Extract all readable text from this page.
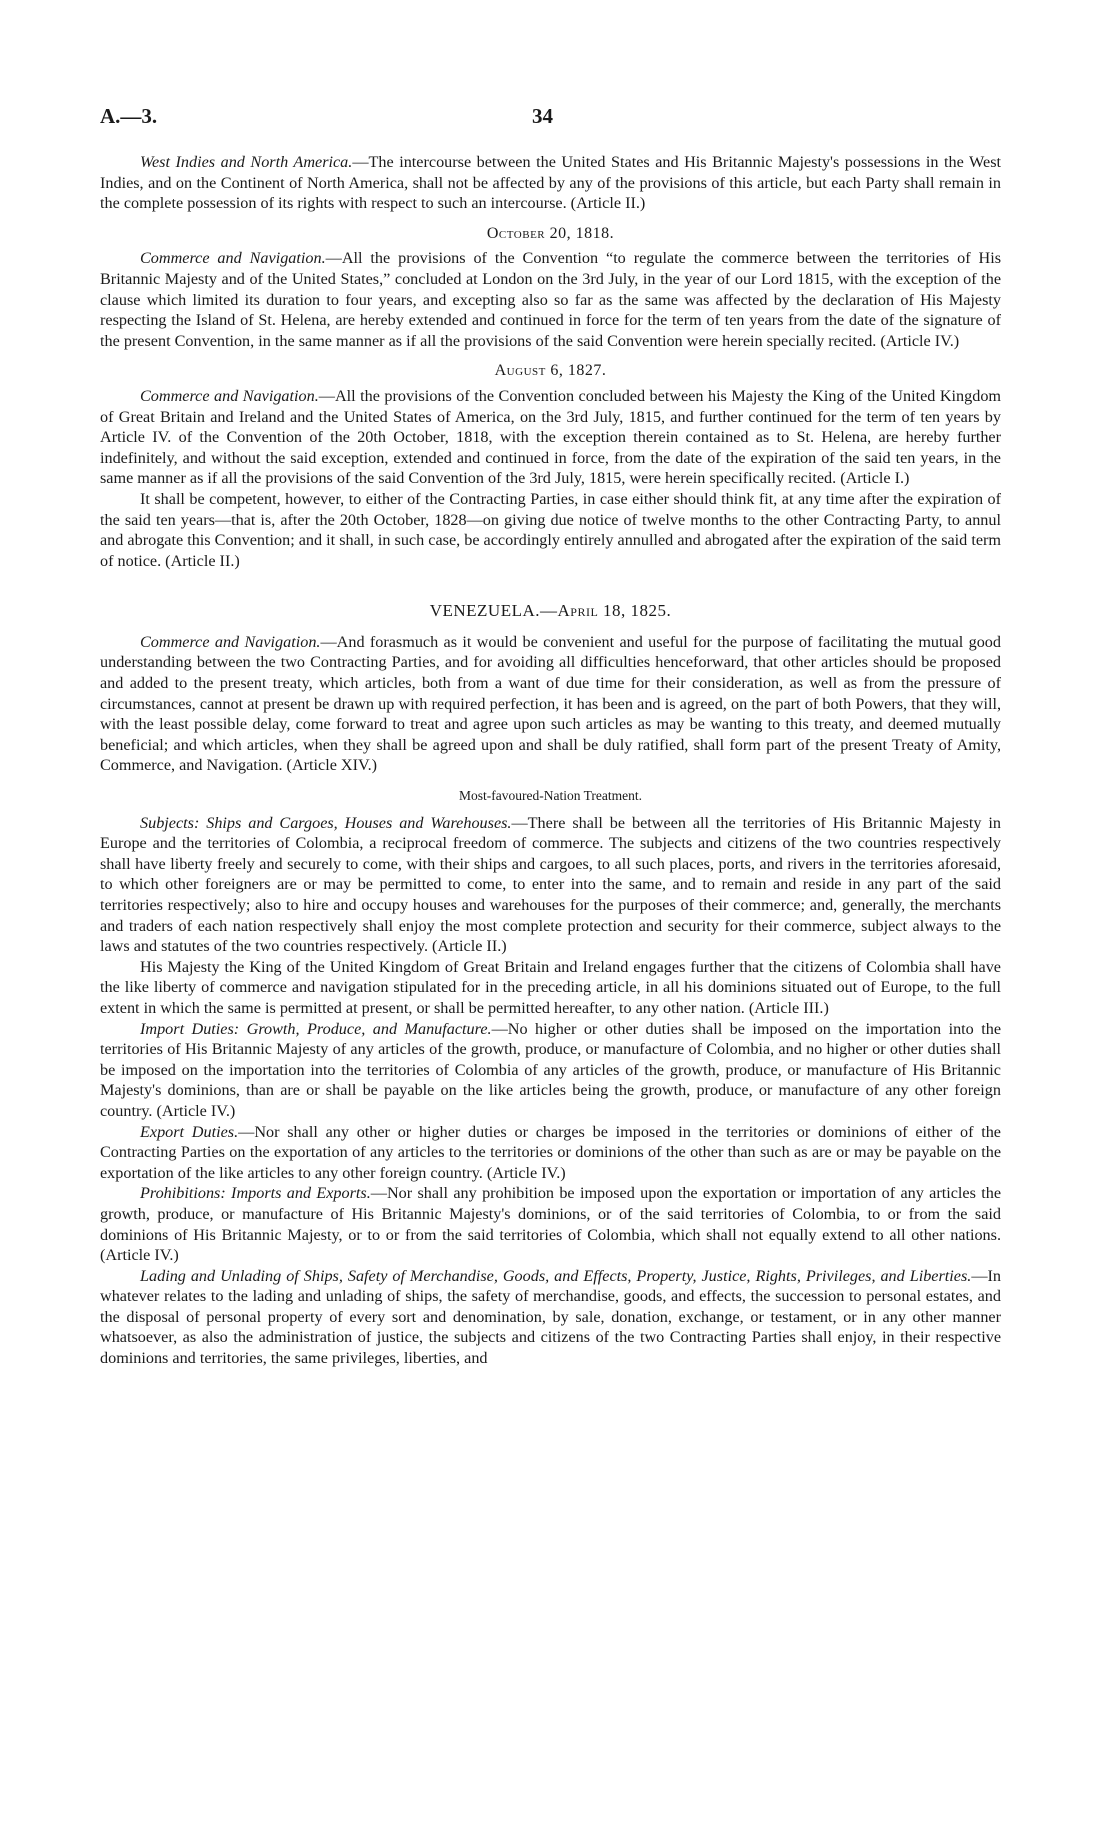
A.—3.	34

West Indies and North America.—The intercourse between the United States and His Britannic Majesty's possessions in the West Indies, and on the Continent of North America, shall not be affected by any of the provisions of this article, but each Party shall remain in the complete possession of its rights with respect to such an intercourse. (Article II.)

October 20, 1818.

Commerce and Navigation.—All the provisions of the Convention “to regulate the commerce between the territories of His Britannic Majesty and of the United States,” concluded at London on the 3rd July, in the year of our Lord 1815, with the exception of the clause which limited its duration to four years, and excepting also so far as the same was affected by the declaration of His Majesty respecting the Island of St. Helena, are hereby extended and continued in force for the term of ten years from the date of the signature of the present Convention, in the same manner as if all the provisions of the said Convention were herein specially recited. (Article IV.)

August 6, 1827.

Commerce and Navigation.—All the provisions of the Convention concluded between his Majesty the King of the United Kingdom of Great Britain and Ireland and the United States of America, on the 3rd July, 1815, and further continued for the term of ten years by Article IV. of the Convention of the 20th October, 1818, with the exception therein contained as to St. Helena, are hereby further indefinitely, and without the said exception, extended and continued in force, from the date of the expiration of the said ten years, in the same manner as if all the provisions of the said Convention of the 3rd July, 1815, were herein specifically recited. (Article I.)

It shall be competent, however, to either of the Contracting Parties, in case either should think fit, at any time after the expiration of the said ten years—that is, after the 20th October, 1828—on giving due notice of twelve months to the other Contracting Party, to annul and abrogate this Convention; and it shall, in such case, be accordingly entirely annulled and abrogated after the expiration of the said term of notice. (Article II.)

VENEZUELA.—April 18, 1825.

Commerce and Navigation.—And forasmuch as it would be convenient and useful for the purpose of facilitating the mutual good understanding between the two Contracting Parties, and for avoiding all difficulties henceforward, that other articles should be proposed and added to the present treaty, which articles, both from a want of due time for their consideration, as well as from the pressure of circumstances, cannot at present be drawn up with required perfection, it has been and is agreed, on the part of both Powers, that they will, with the least possible delay, come forward to treat and agree upon such articles as may be wanting to this treaty, and deemed mutually beneficial; and which articles, when they shall be agreed upon and shall be duly ratified, shall form part of the present Treaty of Amity, Commerce, and Navigation. (Article XIV.)

Most-favoured-Nation Treatment.

Subjects: Ships and Cargoes, Houses and Warehouses.—There shall be between all the territories of His Britannic Majesty in Europe and the territories of Colombia, a reciprocal freedom of commerce. The subjects and citizens of the two countries respectively shall have liberty freely and securely to come, with their ships and cargoes, to all such places, ports, and rivers in the territories aforesaid, to which other foreigners are or may be permitted to come, to enter into the same, and to remain and reside in any part of the said territories respectively; also to hire and occupy houses and warehouses for the purposes of their commerce; and, generally, the merchants and traders of each nation respectively shall enjoy the most complete protection and security for their commerce, subject always to the laws and statutes of the two countries respectively. (Article II.)

His Majesty the King of the United Kingdom of Great Britain and Ireland engages further that the citizens of Colombia shall have the like liberty of commerce and navigation stipulated for in the preceding article, in all his dominions situated out of Europe, to the full extent in which the same is permitted at present, or shall be permitted hereafter, to any other nation. (Article III.)

Import Duties: Growth, Produce, and Manufacture.—No higher or other duties shall be imposed on the importation into the territories of His Britannic Majesty of any articles of the growth, produce, or manufacture of Colombia, and no higher or other duties shall be imposed on the importation into the territories of Colombia of any articles of the growth, produce, or manufacture of His Britannic Majesty's dominions, than are or shall be payable on the like articles being the growth, produce, or manufacture of any other foreign country. (Article IV.)

Export Duties.—Nor shall any other or higher duties or charges be imposed in the territories or dominions of either of the Contracting Parties on the exportation of any articles to the territories or dominions of the other than such as are or may be payable on the exportation of the like articles to any other foreign country. (Article IV.)

Prohibitions: Imports and Exports.—Nor shall any prohibition be imposed upon the exportation or importation of any articles the growth, produce, or manufacture of His Britannic Majesty's dominions, or of the said territories of Colombia, to or from the said dominions of His Britannic Majesty, or to or from the said territories of Colombia, which shall not equally extend to all other nations. (Article IV.)

Lading and Unlading of Ships, Safety of Merchandise, Goods, and Effects, Property, Justice, Rights, Privileges, and Liberties.—In whatever relates to the lading and unlading of ships, the safety of merchandise, goods, and effects, the succession to personal estates, and the disposal of personal property of every sort and denomination, by sale, donation, exchange, or testament, or in any other manner whatsoever, as also the administration of justice, the subjects and citizens of the two Contracting Parties shall enjoy, in their respective dominions and territories, the same privileges, liberties, and
